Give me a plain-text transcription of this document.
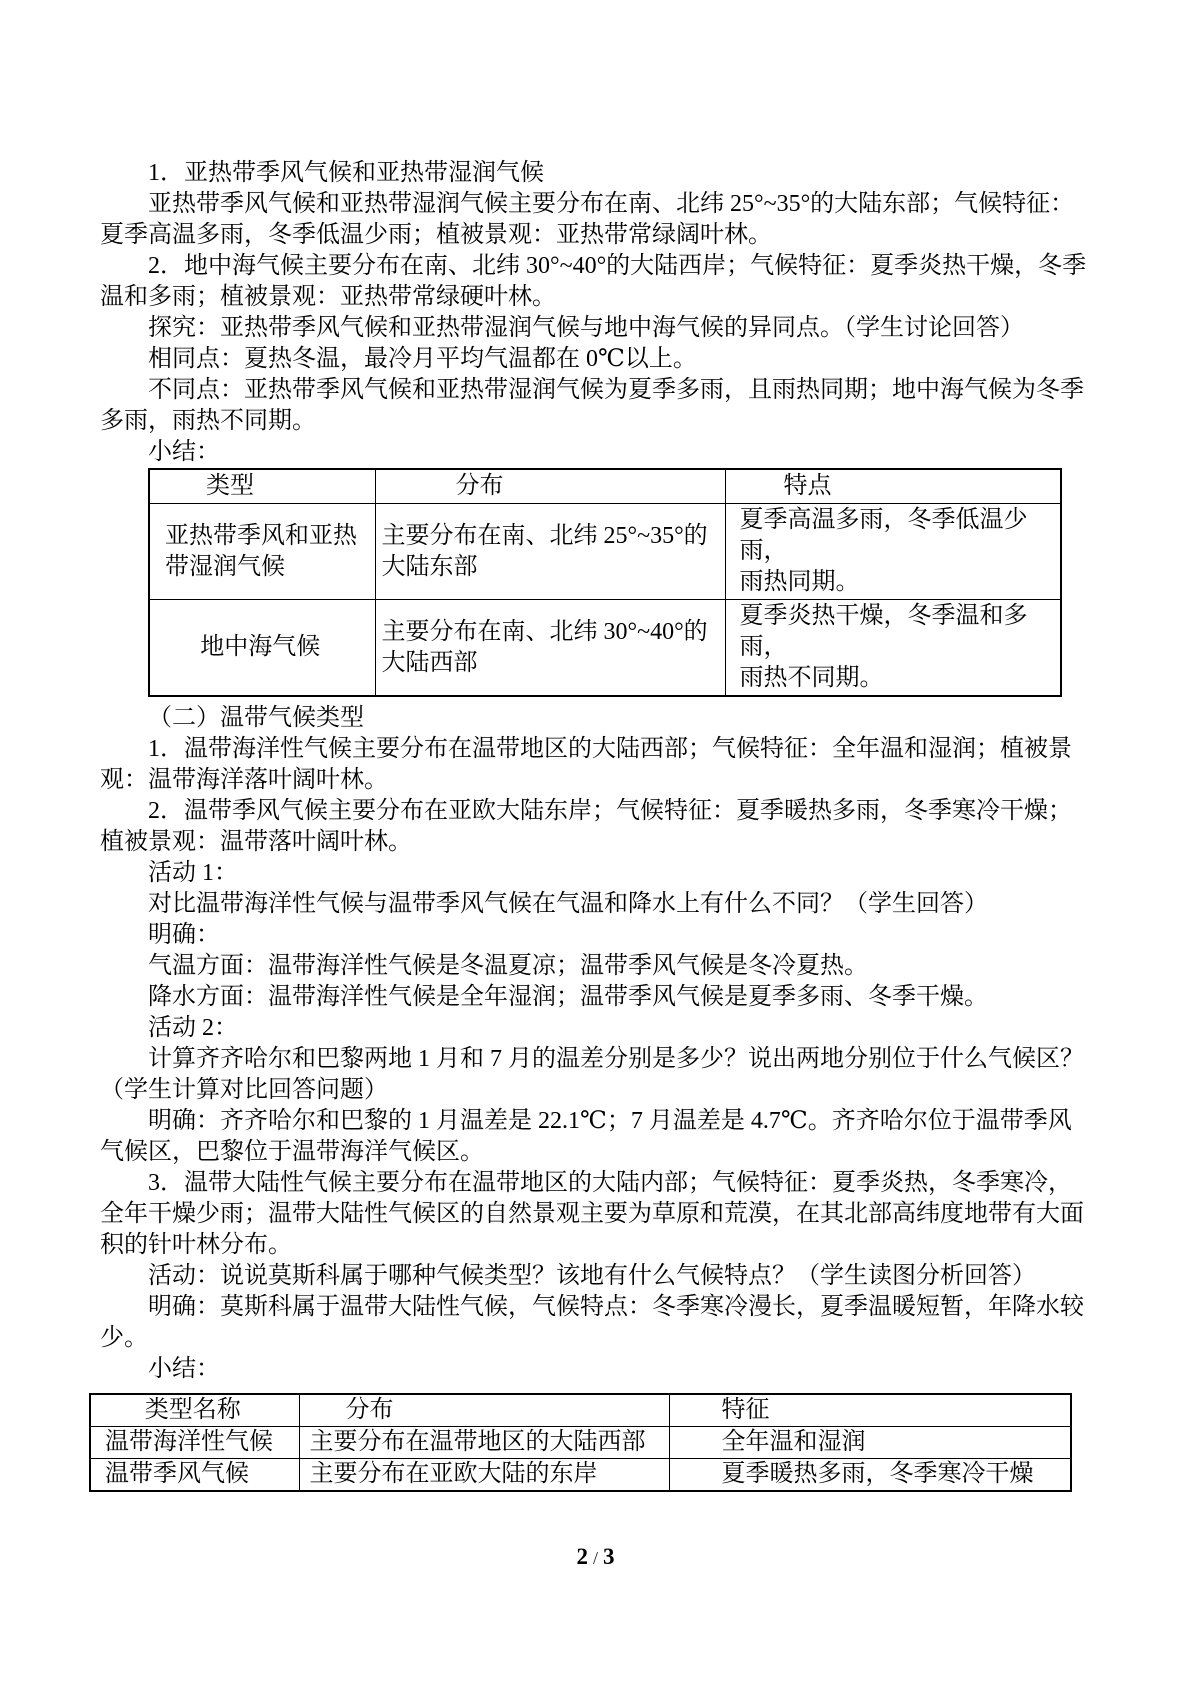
1．亚热带季风气候和亚热带湿润气候

亚热带季风气候和亚热带湿润气候主要分布在南、北纬 25°~35°的大陆东部；气候特征：夏季高温多雨，冬季低温少雨；植被景观：亚热带常绿阔叶林。

2．地中海气候主要分布在南、北纬 30°~40°的大陆西岸；气候特征：夏季炎热干燥，冬季温和多雨；植被景观：亚热带常绿硬叶林。

探究：亚热带季风气候和亚热带湿润气候与地中海气候的异同点。（学生讨论回答）

相同点：夏热冬温，最冷月平均气温都在 0℃以上。

不同点：亚热带季风气候和亚热带湿润气候为夏季多雨，且雨热同期；地中海气候为冬季多雨，雨热不同期。

小结：

类型	分布	特点
亚热带季风和亚热带湿润气候	主要分布在南、北纬 25°~35°的大陆东部	夏季高温多雨，冬季低温少雨，
雨热同期。

地中海气候	主要分布在南、北纬 30°~40°的大陆西部	夏季炎热干燥，冬季温和多雨，
雨热不同期。

（二）温带气候类型

1．温带海洋性气候主要分布在温带地区的大陆西部；气候特征：全年温和湿润；植被景观：温带海洋落叶阔叶林。

2．温带季风气候主要分布在亚欧大陆东岸；气候特征：夏季暖热多雨，冬季寒冷干燥；植被景观：温带落叶阔叶林。

活动 1：

对比温带海洋性气候与温带季风气候在气温和降水上有什么不同？（学生回答）

明确：

气温方面：温带海洋性气候是冬温夏凉；温带季风气候是冬冷夏热。

降水方面：温带海洋性气候是全年湿润；温带季风气候是夏季多雨、冬季干燥。

活动 2：

计算齐齐哈尔和巴黎两地 1 月和 7 月的温差分别是多少？说出两地分别位于什么气候区？（学生计算对比回答问题）

明确：齐齐哈尔和巴黎的 1 月温差是 22.1℃；7 月温差是 4.7℃。齐齐哈尔位于温带季风气候区，巴黎位于温带海洋气候区。

3．温带大陆性气候主要分布在温带地区的大陆内部；气候特征：夏季炎热，冬季寒冷，全年干燥少雨；温带大陆性气候区的自然景观主要为草原和荒漠，在其北部高纬度地带有大面积的针叶林分布。

活动：说说莫斯科属于哪种气候类型？该地有什么气候特点？（学生读图分析回答）

明确：莫斯科属于温带大陆性气候，气候特点：冬季寒冷漫长，夏季温暖短暂，年降水较少。

小结：

类型名称	分布	特征
温带海洋性气候	主要分布在温带地区的大陆西部	全年温和湿润
温带季风气候	主要分布在亚欧大陆的东岸	夏季暖热多雨，冬季寒冷干燥
2 / 3
